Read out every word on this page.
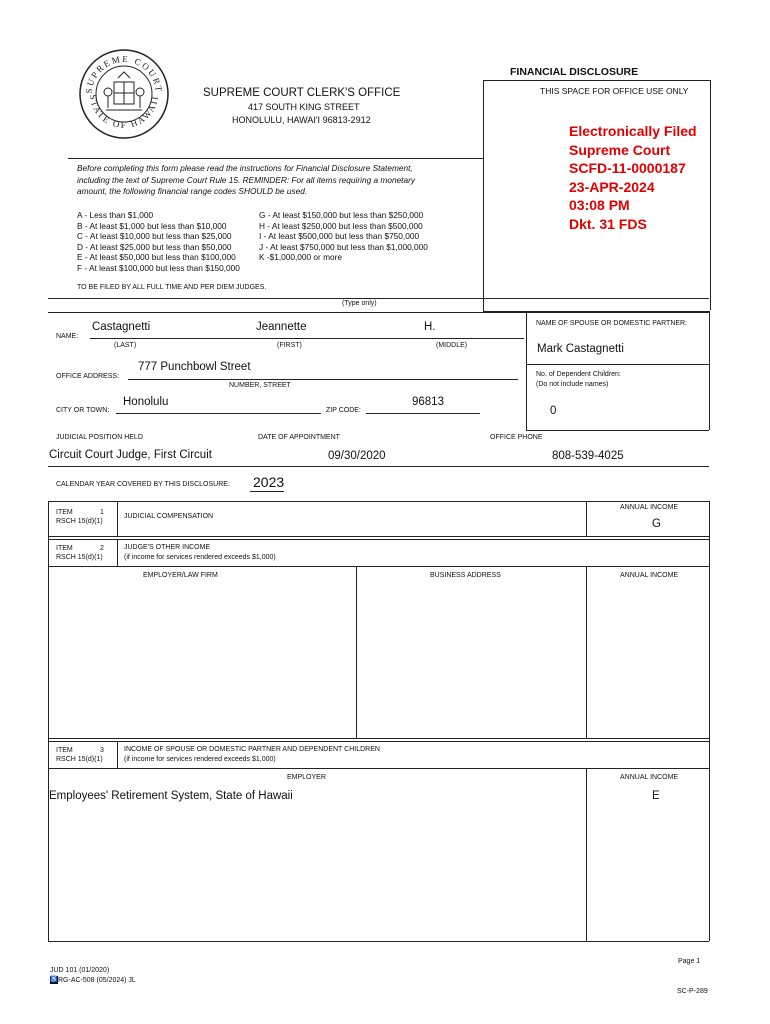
SUPREME COURT
STATE OF HAWAII
FINANCIAL DISCLOSURE
THIS SPACE FOR OFFICE USE ONLY
SUPREME COURT CLERK'S OFFICE
417 SOUTH KING STREET
HONOLULU, HAWAI'I 96813-2912
Electronically Filed
Supreme Court
SCFD-11-0000187
23-APR-2024
03:08 PM
Dkt. 31 FDS
Before completing this form please read the instructions for Financial Disclosure Statement,
including the text of Supreme Court Rule 15. REMINDER: For all items requiring a monetary
amount, the following financial range codes SHOULD be used.
A - Less than $1,000
B - At least $1,000 but less than $10,000
C - At least $10,000 but less than $25,000
D - At least $25,000 but less than $50,000
E - At least $50,000 but less than $100,000
F - At least $100,000 but less than $150,000
G - At least $150,000 but less than $250,000
H - At least $250,000 but less than $500,000
I - At least $500,000 but less than $750,000
J - At least $750,000 but less than $1,000,000
K -$1,000,000 or more
TO BE FILED BY ALL FULL TIME AND PER DIEM JUDGES.
(Type only)
NAME OF SPOUSE OR DOMESTIC PARTNER:
Mark Castagnetti
No. of Dependent Children:
(Do not include names)
0
NAME:
Castagnetti	Jeannette	H.
(LAST)	(FIRST)	(MIDDLE)
777 Punchbowl Street
OFFICE ADDRESS:
NUMBER, STREET
Honolulu
CITY OR TOWN:	ZIP CODE:
96813
JUDICIAL POSITION HELD	DATE OF APPOINTMENT	OFFICE PHONE
Circuit Court Judge, First Circuit	09/30/2020	808-539-4025
CALENDAR YEAR COVERED BY THIS DISCLOSURE: 2023
ITEM	1
RSCH 15(d)(1)
JUDICIAL COMPENSATION
ANNUAL INCOME
G
ITEM	2
RSCH 15(d)(1)
JUDGE'S OTHER INCOME
(if income for services rendered exceeds $1,000)
EMPLOYER/LAW FIRM	BUSINESS ADDRESS	ANNUAL INCOME
ITEM	3
RSCH 15(d)(1)
INCOME OF SPOUSE OR DOMESTIC PARTNER AND DEPENDENT CHILDREN
(if income for services rendered exceeds $1,000)
EMPLOYER	ANNUAL INCOME
Employees' Retirement System, State of Hawaii	E
JUD 101 (01/2020)
♿RG-AC-508 (05/2024) JL
Page 1
SC-P-289
